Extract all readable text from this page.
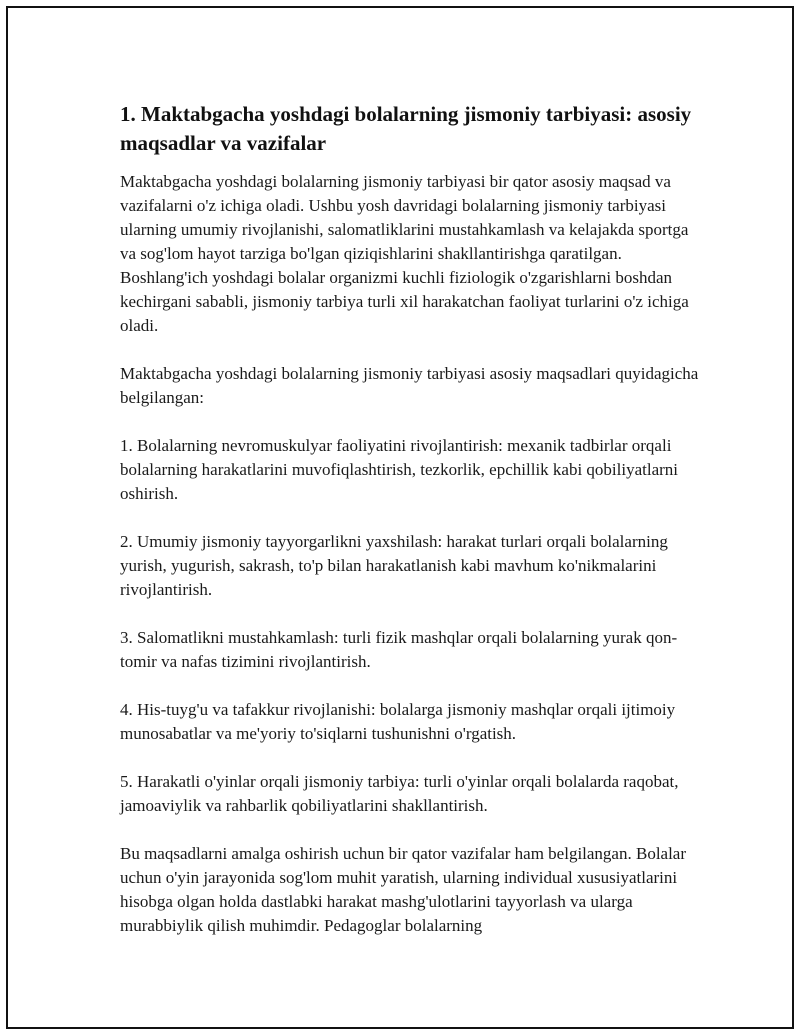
1. Maktabgacha yoshdagi bolalarning jismoniy tarbiyasi: asosiy maqsadlar va vazifalar

Maktabgacha yoshdagi bolalarning jismoniy tarbiyasi bir qator asosiy maqsad va vazifalarni o'z ichiga oladi. Ushbu yosh davridagi bolalarning jismoniy tarbiyasi ularning umumiy rivojlanishi, salomatliklarini mustahkamlash va kelajakda sportga va sog'lom hayot tarziga bo'lgan qiziqishlarini shakllantirishga qaratilgan. Boshlang'ich yoshdagi bolalar organizmi kuchli fiziologik o'zgarishlarni boshdan kechirgani sababli, jismoniy tarbiya turli xil harakatchan faoliyat turlarini o'z ichiga oladi.

Maktabgacha yoshdagi bolalarning jismoniy tarbiyasi asosiy maqsadlari quyidagicha belgilangan:

1. Bolalarning nevromuskulyar faoliyatini rivojlantirish: mexanik tadbirlar orqali bolalarning harakatlarini muvofiqlashtirish, tezkorlik, epchillik kabi qobiliyatlarni oshirish.

2. Umumiy jismoniy tayyorgarlikni yaxshilash: harakat turlari orqali bolalarning yurish, yugurish, sakrash, to'p bilan harakatlanish kabi mavhum ko'nikmalarini rivojlantirish.

3. Salomatlikni mustahkamlash: turli fizik mashqlar orqali bolalarning yurak qon-tomir va nafas tizimini rivojlantirish.

4. His-tuyg'u va tafakkur rivojlanishi: bolalarga jismoniy mashqlar orqali ijtimoiy munosabatlar va me'yoriy to'siqlarni tushunishni o'rgatish.

5. Harakatli o'yinlar orqali jismoniy tarbiya: turli o'yinlar orqali bolalarda raqobat, jamoaviylik va rahbarlik qobiliyatlarini shakllantirish.

Bu maqsadlarni amalga oshirish uchun bir qator vazifalar ham belgilangan. Bolalar uchun o'yin jarayonida sog'lom muhit yaratish, ularning individual xususiyatlarini hisobga olgan holda dastlabki harakat mashg'ulotlarini tayyorlash va ularga murabbiylik qilish muhimdir. Pedagoglar bolalarning
